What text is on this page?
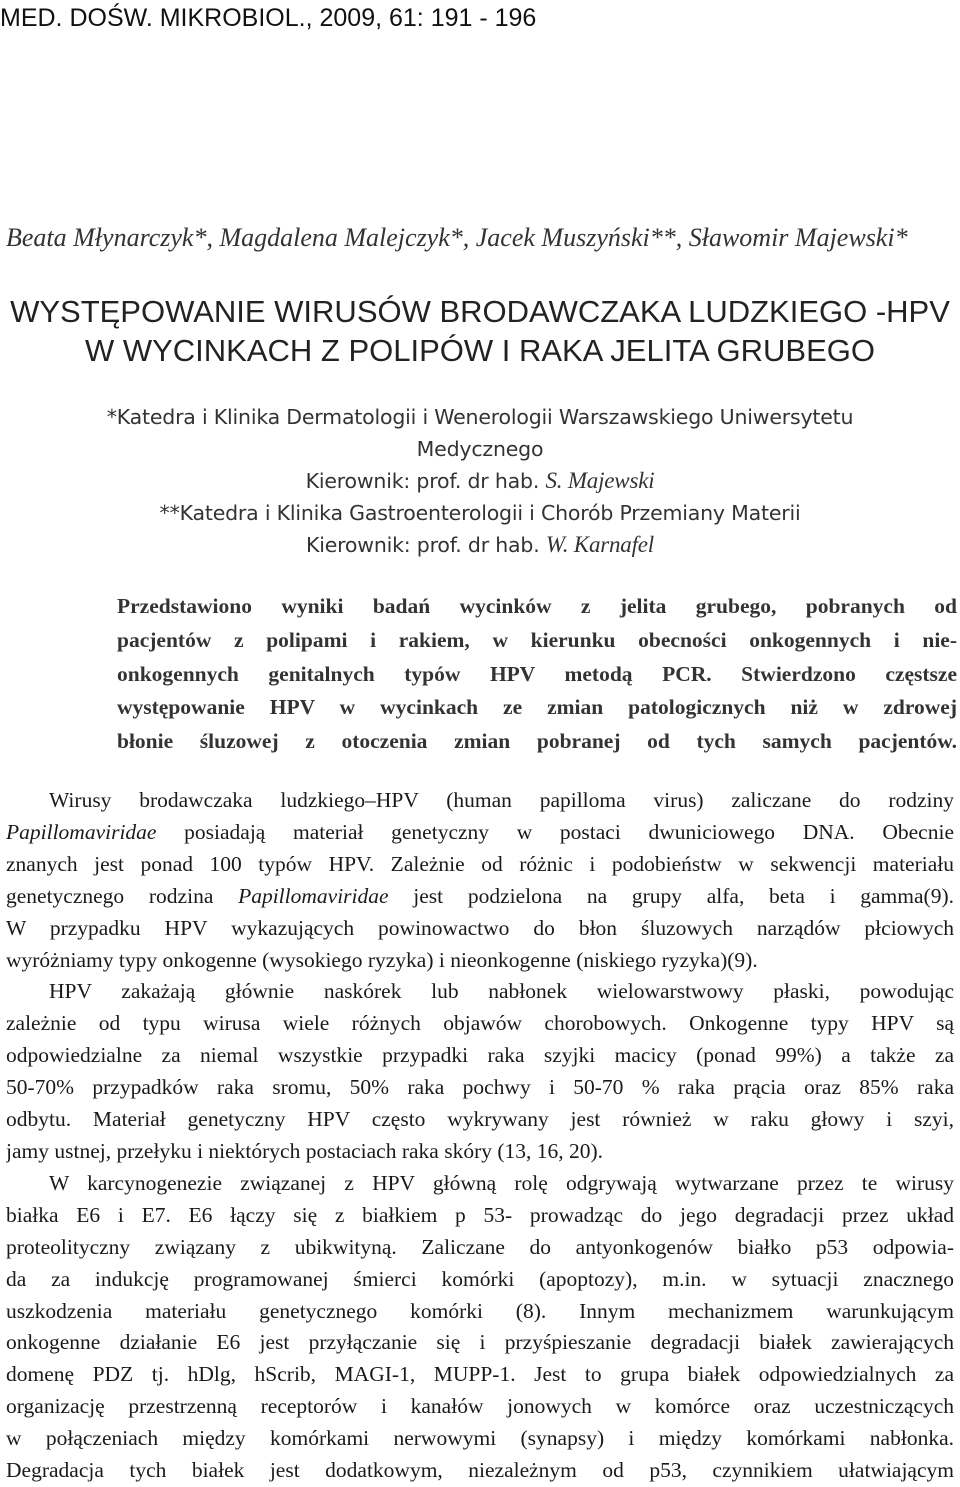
MED. DOŚW. MIKROBIOL., 2009, 61: 191 - 196
Beata Młynarczyk*, Magdalena Malejczyk*, Jacek Muszyński**, Sławomir Majewski*
WYSTĘPOWANIE WIRUSÓW BRODAWCZAKA LUDZKIEGO -HPV
W WYCINKACH Z POLIPÓW I RAKA JELITA GRUBEGO
*Katedra i Klinika Dermatologii i Wenerologii Warszawskiego Uniwersytetu
Medycznego
Kierownik: prof. dr hab. S. Majewski
**Katedra i Klinika Gastroenterologii i Chorób Przemiany Materii
Kierownik: prof. dr hab. W. Karnafel
Przedstawiono wyniki badań wycinków z jelita grubego, pobranych od
pacjentów z polipami i rakiem, w kierunku obecności onkogennych i nie-
onkogennych genitalnych typów HPV metodą PCR. Stwierdzono częstsze
występowanie HPV w wycinkach ze zmian patologicznych niż w zdrowej
błonie śluzowej z otoczenia zmian pobranej od tych samych pacjentów.
Wirusy brodawczaka ludzkiego–HPV (human papilloma virus) zaliczane do rodziny
Papillomaviridae posiadają materiał genetyczny w postaci dwuniciowego DNA. Obecnie
znanych jest ponad 100 typów HPV. Zależnie od różnic i podobieństw w sekwencji materiału
genetycznego rodzina Papillomaviridae jest podzielona na grupy alfa, beta i gamma(9).
W przypadku HPV wykazujących powinowactwo do błon śluzowych narządów płciowych
wyróżniamy typy onkogenne (wysokiego ryzyka) i nieonkogenne (niskiego ryzyka)(9).
HPV zakażają głównie naskórek lub nabłonek wielowarstwowy płaski, powodując
zależnie od typu wirusa wiele różnych objawów chorobowych. Onkogenne typy HPV są
odpowiedzialne za niemal wszystkie przypadki raka szyjki macicy (ponad 99%) a także za
50-70% przypadków raka sromu, 50% raka pochwy i 50-70 % raka prącia oraz 85% raka
odbytu. Materiał genetyczny HPV często wykrywany jest również w raku głowy i szyi,
jamy ustnej, przełyku i niektórych postaciach raka skóry (13, 16, 20).
W karcynogenezie związanej z HPV główną rolę odgrywają wytwarzane przez te wirusy
białka E6 i E7. E6 łączy się z białkiem p 53- prowadząc do jego degradacji przez układ
proteolityczny związany z ubikwityną. Zaliczane do antyonkogenów białko p53 odpowia-
da za indukcję programowanej śmierci komórki (apoptozy), m.in. w sytuacji znacznego
uszkodzenia materiału genetycznego komórki (8). Innym mechanizmem warunkującym
onkogenne działanie E6 jest przyłączanie się i przyśpieszanie degradacji białek zawierających
domenę PDZ tj. hDlg, hScrib, MAGI-1, MUPP-1. Jest to grupa białek odpowiedzialnych za
organizację przestrzenną receptorów i kanałów jonowych w komórce oraz uczestniczących
w połączeniach między komórkami nerwowymi (synapsy) i między komórkami nabłonka.
Degradacja tych białek jest dodatkowym, niezależnym od p53, czynnikiem ułatwiającym
